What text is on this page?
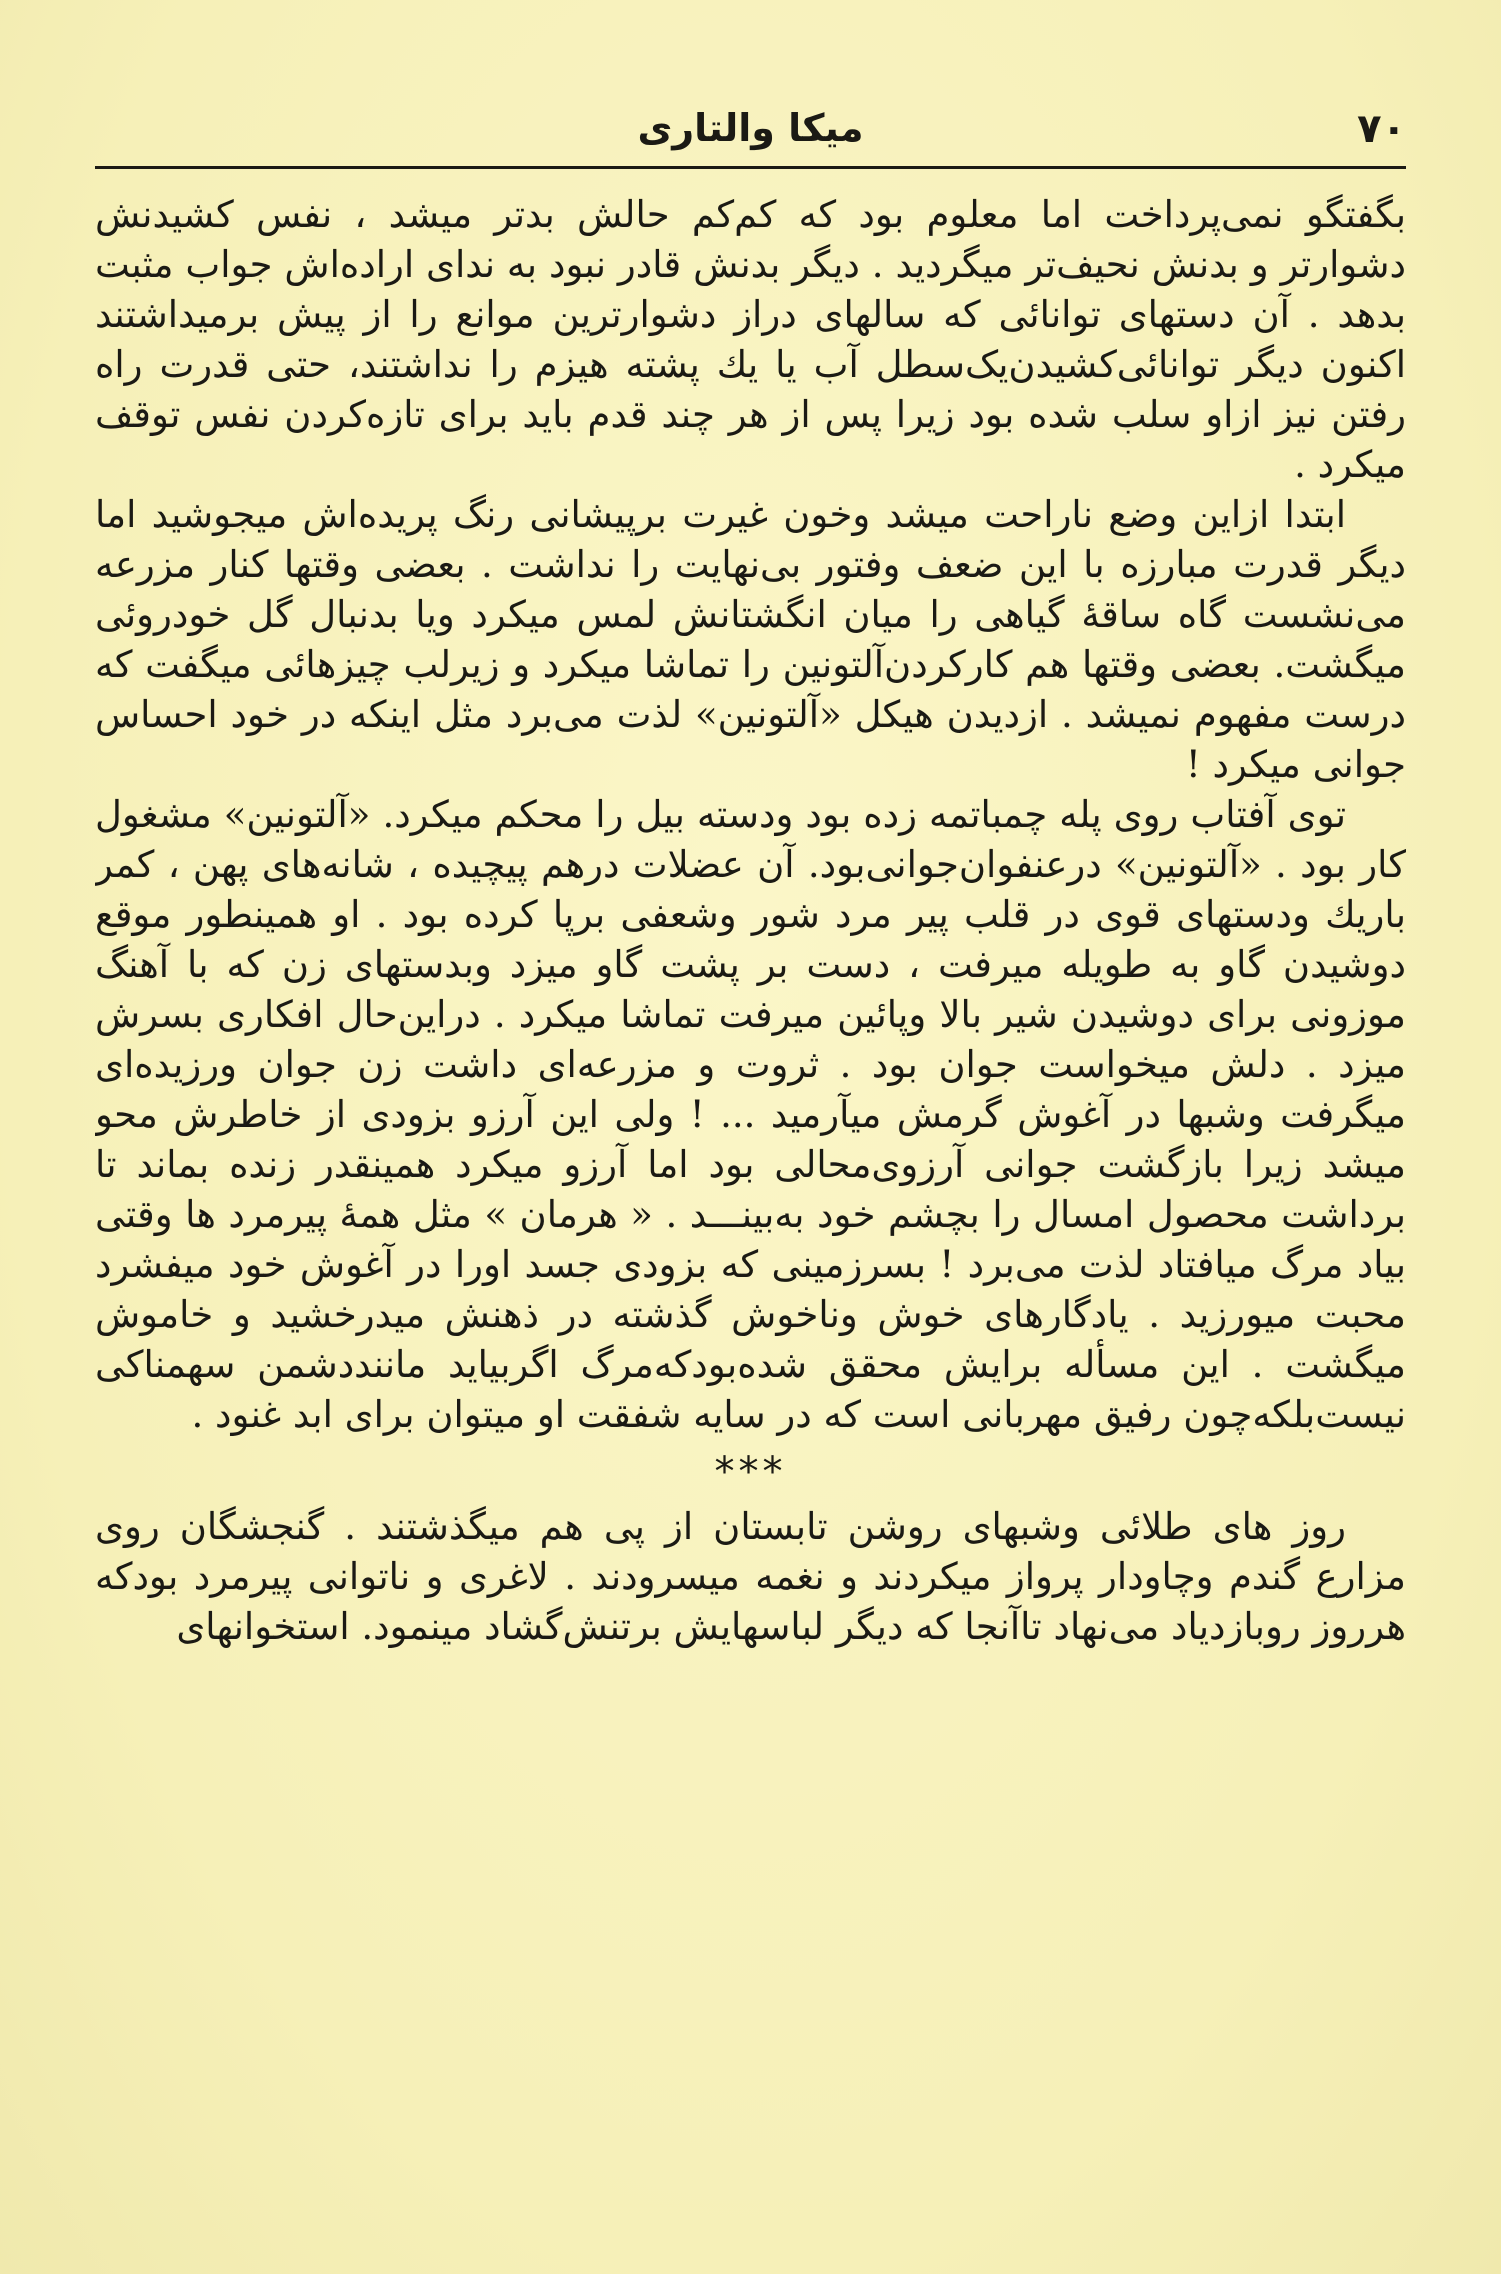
۷۰
میکا والتاری

بگفتگو نمی‌پرداخت اما معلوم بود که کم‌کم حالش بدتر میشد ، نفس کشیدنش دشوارتر و بدنش نحیف‌تر میگردید . دیگر بدنش قادر نبود به ندای اراده‌اش جواب مثبت بدهد . آن دستهای توانائی که سالهای دراز دشوارترین موانع را از پیش برمیداشتند اکنون دیگر توانائی‌کشیدن‌یک‌سطل آب یا یك پشته هیزم را نداشتند، حتی قدرت راه رفتن نیز ازاو سلب شده بود زیرا پس از هر چند قدم باید برای تازه‌کردن نفس توقف میکرد .

ابتدا ازاین وضع ناراحت میشد وخون غیرت برپیشانی رنگ پریده‌اش میجوشید اما دیگر قدرت مبارزه با این ضعف وفتور بی‌نهایت را نداشت . بعضی وقتها کنار مزرعه می‌نشست گاه ساقهٔ گیاهی را میان انگشتانش لمس میکرد ویا بدنبال گل خودروئی میگشت. بعضی وقتها هم کارکردن‌آلتونین را تماشا میکرد و زیرلب چیزهائی میگفت که درست مفهوم نمیشد . ازدیدن هیکل «آلتونین» لذت می‌برد مثل اینکه در خود احساس جوانی میکرد !

توی آفتاب روی پله چمباتمه زده بود ودسته بیل را محکم میکرد. «آلتونین» مشغول کار بود . «آلتونین» درعنفوان‌جوانی‌بود. آن عضلات درهم پیچیده ، شانه‌های پهن ، کمر باریك ودستهای قوی در قلب پیر مرد شور وشعفی برپا کرده بود . او همینطور موقع دوشیدن گاو به طویله میرفت ، دست بر پشت گاو میزد وبدستهای زن که با آهنگ موزونی برای دوشیدن شیر بالا وپائین میرفت تماشا میکرد . دراین‌حال افکاری بسرش میزد . دلش میخواست جوان بود . ثروت و مزرعه‌ای داشت زن جوان ورزیده‌ای میگرفت وشبها در آغوش گرمش میآرمید ... ! ولی این آرزو بزودی از خاطرش محو میشد زیرا بازگشت جوانی آرزوی‌محالی بود اما آرزو میکرد همینقدر زنده بماند تا برداشت محصول امسال را بچشم خود به‌بینـــد . « هرمان » مثل همهٔ پیرمرد ها وقتی بیاد مرگ میافتاد لذت می‌برد ! بسرزمینی که بزودی جسد اورا در آغوش خود میفشرد محبت میورزید . یادگارهای خوش وناخوش گذشته در ذهنش میدرخشید و خاموش میگشت . این مسأله برایش محقق شده‌بودکه‌مرگ اگربیاید مانند‌دشمن سهمناکی نیست‌بلکه‌چون رفیق مهربانی است که در سایه شفقت او میتوان برای ابد غنود .

***

روز های طلائی وشبهای روشن تابستان از پی هم میگذشتند . گنجشگان روی مزارع گندم وچاودار پرواز میکردند و نغمه میسرودند . لاغری و ناتوانی پیرمرد بودکه هرروز روبازدیاد می‌نهاد تاآنجا که دیگر لباسهایش برتنش‌گشاد مینمود. استخوانهای
